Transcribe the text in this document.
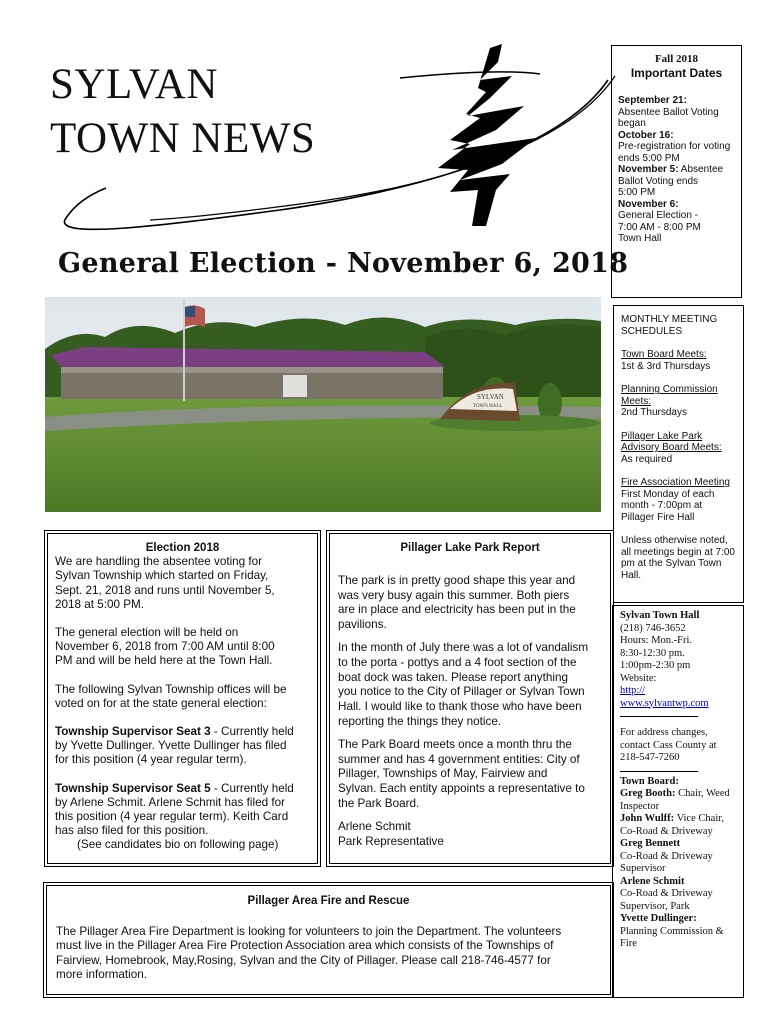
SYLVAN
TOWN NEWS
General Election - November 6, 2018
Fall 2018
Important Dates
September 21:
Absentee Ballot Voting
began
October 16:
Pre-registration for voting
ends 5:00 PM
November 5: Absentee
Ballot Voting ends
5:00 PM
November 6:
General Election -
7:00 AM - 8:00 PM
Town Hall
SYLVAN
TOWN HALL
MONTHLY MEETING
SCHEDULES
Town Board Meets:
1st & 3rd Thursdays
Planning Commission
Meets:
2nd Thursdays
Pillager Lake Park
Advisory Board Meets:
As required
Fire Association Meeting
First Monday of each
month - 7:00pm at
Pillager Fire Hall
Unless otherwise noted,
all meetings begin at 7:00
pm at the Sylvan Town
Hall.
Sylvan Town Hall
(218) 746-3652
Hours: Mon.-Fri.
8:30-12:30 pm.
1:00pm-2:30 pm
Website:
http://
www.sylvantwp.com
For address changes,
contact Cass County at
218-547-7260
Town Board:
Greg Booth: Chair, Weed
Inspector
John Wulff: Vice Chair,
Co-Road & Driveway
Greg Bennett
Co-Road & Driveway
Supervisor
Arlene Schmit
Co-Road & Driveway
Supervisor, Park
Yvette Dullinger:
Planning Commission &
Fire
Election 2018
We are handling the absentee voting for
Sylvan Township which started on Friday,
Sept. 21, 2018 and runs until November 5,
2018 at 5:00 PM.
The general election will be held on
November 6, 2018 from 7:00 AM until 8:00
PM and will be held here at the Town Hall.
The following Sylvan Township offices will be
voted on for at the state general election:
Township Supervisor Seat 3 - Currently held
by Yvette Dullinger. Yvette Dullinger has filed
for this position (4 year regular term).
Township Supervisor Seat 5 - Currently held
by Arlene Schmit. Arlene Schmit has filed for
this position (4 year regular term). Keith Card
has also filed for this position.
(See candidates bio on following page)
Pillager Lake Park Report
The park is in pretty good shape this year and
was very busy again this summer. Both piers
are in place and electricity has been put in the
pavilions.
In the month of July there was a lot of vandalism
to the porta - pottys and a 4 foot section of the
boat dock was taken. Please report anything
you notice to the City of Pillager or Sylvan Town
Hall. I would like to thank those who have been
reporting the things they notice.
The Park Board meets once a month thru the
summer and has 4 government entities: City of
Pillager, Townships of May, Fairview and
Sylvan. Each entity appoints a representative to
the Park Board.
Arlene Schmit
Park Representative
Pillager Area Fire and Rescue
The Pillager Area Fire Department is looking for volunteers to join the Department. The volunteers
must live in the Pillager Area Fire Protection Association area which consists of the Townships of
Fairview, Homebrook, May,Rosing, Sylvan and the City of Pillager. Please call 218-746-4577 for
more information.
